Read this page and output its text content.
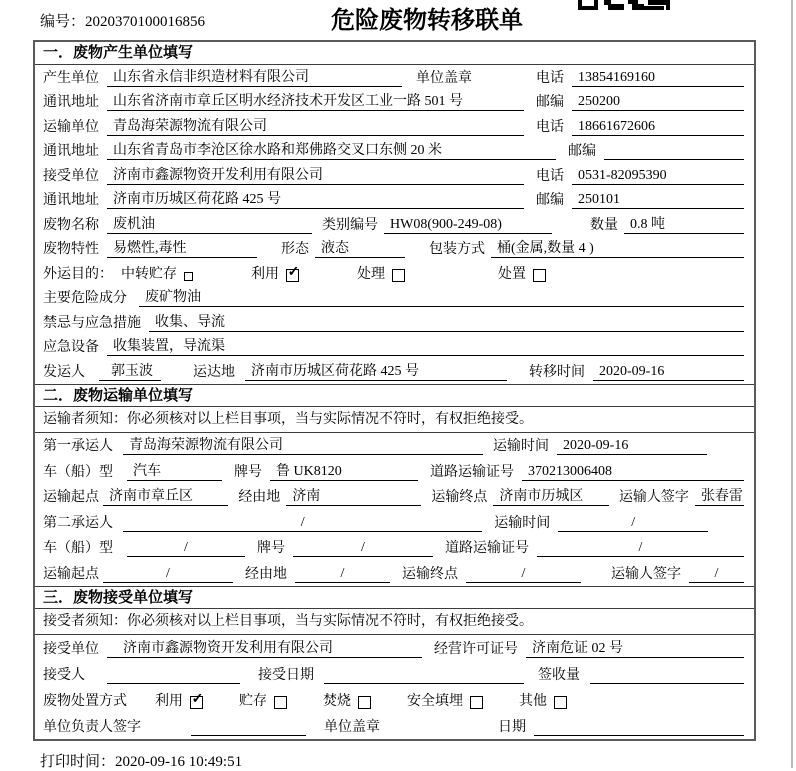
编号：2020370100016856	危险废物转移联单
一．废物产生单位填写
产生单位	山东省永信非织造材料有限公司	单位盖章	电话	13854169160
通讯地址	山东省济南市章丘区明水经济技术开发区工业一路 501 号	邮编	250200
运输单位	青岛海荣源物流有限公司	电话	18661672606
通讯地址	山东省青岛市李沧区徐水路和郑佛路交叉口东侧 20 米	邮编
接受单位	济南市鑫源物资开发利用有限公司	电话	0531-82095390
通讯地址	济南市历城区荷花路 425 号	邮编	250101
废物名称	废机油	类别编号 HW08(900-249-08)	数量 0.8 吨
废物特性	易燃性,毒性	形态 液态	包装方式 桶(金属,数量 4 )
外运目的： 中转贮存	利用 ✓	处理	处置
主要危险成分	废矿物油
禁忌与应急措施	收集、导流
应急设备	收集装置，导流渠
发运人	郭玉波	运达地	济南市历城区荷花路 425 号	转移时间	2020-09-16
二．废物运输单位填写
运输者须知：你必须核对以上栏目事项，当与实际情况不符时，有权拒绝接受。
第一承运人	青岛海荣源物流有限公司	运输时间	2020-09-16
车（船）型	汽车	牌号	鲁 UK8120	道路运输证号	370213006408
运输起点 济南市章丘区	经由地 济南	运输终点 济南市历城区	运输人签字 张春雷
第二承运人	/	运输时间	/
车（船）型	/	牌号	/	道路运输证号	/
运输起点	/	经由地	/	运输终点	/	运输人签字	/
三．废物接受单位填写
接受者须知：你必须核对以上栏目事项，当与实际情况不符时，有权拒绝接受。
接受单位	济南市鑫源物资开发利用有限公司	经营许可证号	济南危证 02 号
接受人	接受日期	签收量
废物处置方式 利用 ✓	贮存	焚烧	安全填埋	其他
单位负责人签字	单位盖章	日期
打印时间：2020-09-16 10:49:51
